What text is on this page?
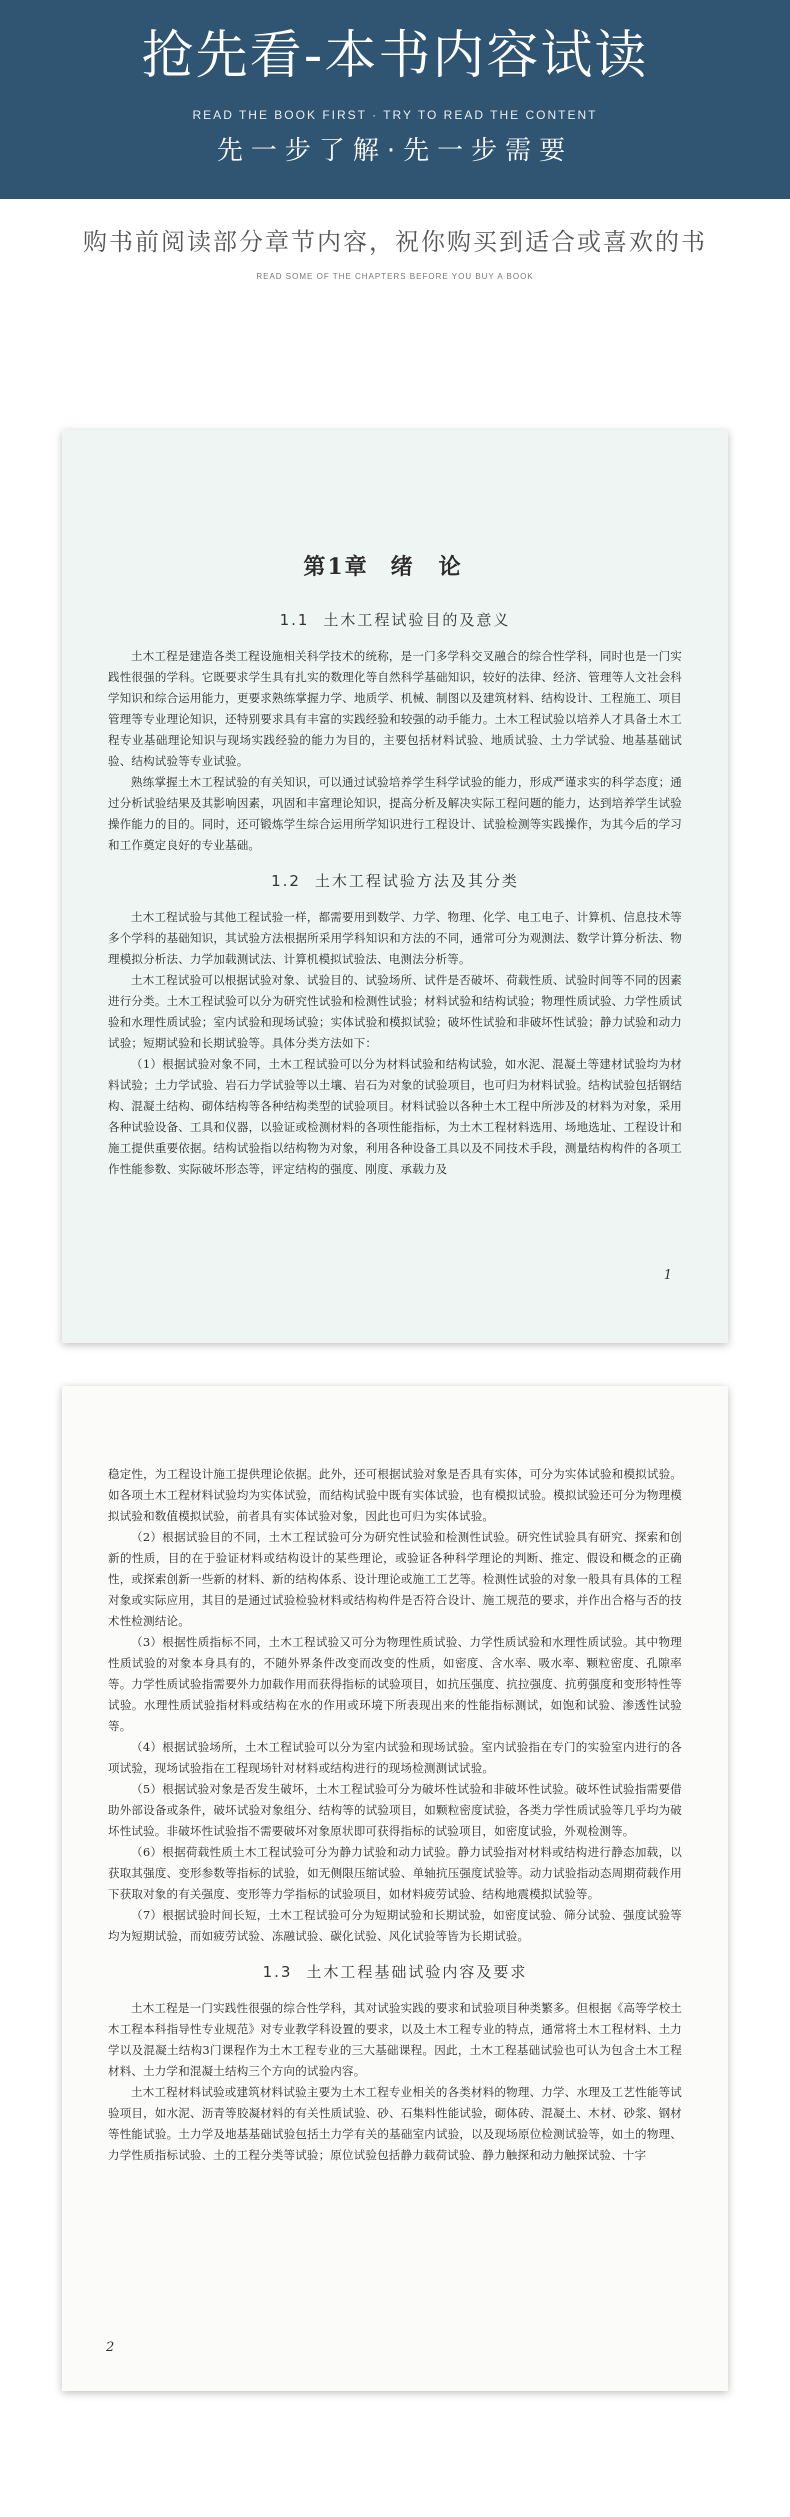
抢先看-本书内容试读
READ THE BOOK FIRST · TRY TO READ THE CONTENT
先一步了解·先一步需要
购书前阅读部分章节内容，祝你购买到适合或喜欢的书
READ SOME OF THE CHAPTERS BEFORE YOU BUY A BOOK
第1章 绪论
1.1 土木工程试验目的及意义

土木工程是建造各类工程设施相关科学技术的统称，是一门多学科交叉融合的综合性学科，同时也是一门实践性很强的学科。它既要求学生具有扎实的数理化等自然科学基础知识，较好的法律、经济、管理等人文社会科学知识和综合运用能力，更要求熟练掌握力学、地质学、机械、制图以及建筑材料、结构设计、工程施工、项目管理等专业理论知识，还特别要求具有丰富的实践经验和较强的动手能力。土木工程试验以培养人才具备土木工程专业基础理论知识与现场实践经验的能力为目的，主要包括材料试验、地质试验、土力学试验、地基基础试验、结构试验等专业试验。

熟练掌握土木工程试验的有关知识，可以通过试验培养学生科学试验的能力，形成严谨求实的科学态度；通过分析试验结果及其影响因素，巩固和丰富理论知识，提高分析及解决实际工程问题的能力，达到培养学生试验操作能力的目的。同时，还可锻炼学生综合运用所学知识进行工程设计、试验检测等实践操作，为其今后的学习和工作奠定良好的专业基础。

1.2 土木工程试验方法及其分类

土木工程试验与其他工程试验一样，都需要用到数学、力学、物理、化学、电工电子、计算机、信息技术等多个学科的基础知识，其试验方法根据所采用学科知识和方法的不同，通常可分为观测法、数学计算分析法、物理模拟分析法、力学加载测试法、计算机模拟试验法、电测法分析等。

土木工程试验可以根据试验对象、试验目的、试验场所、试件是否破坏、荷载性质、试验时间等不同的因素进行分类。土木工程试验可以分为研究性试验和检测性试验；材料试验和结构试验；物理性质试验、力学性质试验和水理性质试验；室内试验和现场试验；实体试验和模拟试验；破坏性试验和非破坏性试验；静力试验和动力试验；短期试验和长期试验等。具体分类方法如下：

（1）根据试验对象不同，土木工程试验可以分为材料试验和结构试验，如水泥、混凝土等建材试验均为材料试验；土力学试验、岩石力学试验等以土壤、岩石为对象的试验项目，也可归为材料试验。结构试验包括钢结构、混凝土结构、砌体结构等各种结构类型的试验项目。材料试验以各种土木工程中所涉及的材料为对象，采用各种试验设备、工具和仪器，以验证或检测材料的各项性能指标，为土木工程材料选用、场地选址、工程设计和施工提供重要依据。结构试验指以结构物为对象，利用各种设备工具以及不同技术手段，测量结构构件的各项工作性能参数、实际破坏形态等，评定结构的强度、刚度、承载力及

1

稳定性，为工程设计施工提供理论依据。此外，还可根据试验对象是否具有实体，可分为实体试验和模拟试验。如各项土木工程材料试验均为实体试验，而结构试验中既有实体试验，也有模拟试验。模拟试验还可分为物理模拟试验和数值模拟试验，前者具有实体试验对象，因此也可归为实体试验。

（2）根据试验目的不同，土木工程试验可分为研究性试验和检测性试验。研究性试验具有研究、探索和创新的性质，目的在于验证材料或结构设计的某些理论，或验证各种科学理论的判断、推定、假设和概念的正确性，或探索创新一些新的材料、新的结构体系、设计理论或施工工艺等。检测性试验的对象一般具有具体的工程对象或实际应用，其目的是通过试验检验材料或结构构件是否符合设计、施工规范的要求，并作出合格与否的技术性检测结论。

（3）根据性质指标不同，土木工程试验又可分为物理性质试验、力学性质试验和水理性质试验。其中物理性质试验的对象本身具有的，不随外界条件改变而改变的性质，如密度、含水率、吸水率、颗粒密度、孔隙率等。力学性质试验指需要外力加载作用而获得指标的试验项目，如抗压强度、抗拉强度、抗剪强度和变形特性等试验。水理性质试验指材料或结构在水的作用或环境下所表现出来的性能指标测试，如饱和试验、渗透性试验等。

（4）根据试验场所，土木工程试验可以分为室内试验和现场试验。室内试验指在专门的实验室内进行的各项试验，现场试验指在工程现场针对材料或结构进行的现场检测测试试验。

（5）根据试验对象是否发生破坏，土木工程试验可分为破坏性试验和非破坏性试验。破坏性试验指需要借助外部设备或条件，破坏试验对象组分、结构等的试验项目，如颗粒密度试验，各类力学性质试验等几乎均为破坏性试验。非破坏性试验指不需要破坏对象原状即可获得指标的试验项目，如密度试验，外观检测等。

（6）根据荷载性质土木工程试验可分为静力试验和动力试验。静力试验指对材料或结构进行静态加载，以获取其强度、变形参数等指标的试验，如无侧限压缩试验、单轴抗压强度试验等。动力试验指动态周期荷载作用下获取对象的有关强度、变形等力学指标的试验项目，如材料疲劳试验、结构地震模拟试验等。

（7）根据试验时间长短，土木工程试验可分为短期试验和长期试验，如密度试验、筛分试验、强度试验等均为短期试验，而如疲劳试验、冻融试验、碳化试验、风化试验等皆为长期试验。

1.3 土木工程基础试验内容及要求

土木工程是一门实践性很强的综合性学科，其对试验实践的要求和试验项目种类繁多。但根据《高等学校土木工程本科指导性专业规范》对专业教学科设置的要求，以及土木工程专业的特点，通常将土木工程材料、土力学以及混凝土结构3门课程作为土木工程专业的三大基础课程。因此，土木工程基础试验也可认为包含土木工程材料、土力学和混凝土结构三个方向的试验内容。

土木工程材料试验或建筑材料试验主要为土木工程专业相关的各类材料的物理、力学、水理及工艺性能等试验项目，如水泥、沥青等胶凝材料的有关性质试验、砂、石集料性能试验，砌体砖、混凝土、木材、砂浆、钢材等性能试验。土力学及地基基础试验包括土力学有关的基础室内试验，以及现场原位检测试验等，如土的物理、力学性质指标试验、土的工程分类等试验；原位试验包括静力载荷试验、静力触探和动力触探试验、十字

2
